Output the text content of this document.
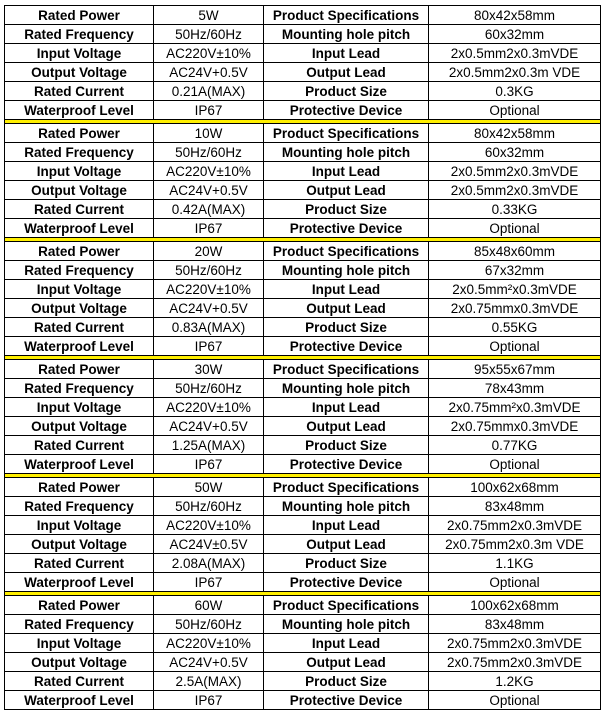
Rated Power	5W	Product Specifications	80x42x58mm
Rated Frequency	50Hz/60Hz	Mounting hole pitch	60x32mm
Input Voltage	AC220V±10%	Input Lead	2x0.5mm2x0.3mVDE
Output Voltage	AC24V+0.5V	Output Lead	2x0.5mm2x0.3m VDE
Rated Current	0.21A(MAX)	Product Size	0.3KG
Waterproof Level	IP67	Protective Device	Optional

Rated Power	10W	Product Specifications	80x42x58mm
Rated Frequency	50Hz/60Hz	Mounting hole pitch	60x32mm
Input Voltage	AC220V±10%	Input Lead	2x0.5mm2x0.3mVDE
Output Voltage	AC24V+0.5V	Output Lead	2x0.5mm2x0.3mVDE
Rated Current	0.42A(MAX)	Product Size	0.33KG
Waterproof Level	IP67	Protective Device	Optional

Rated Power	20W	Product Specifications	85x48x60mm
Rated Frequency	50Hz/60Hz	Mounting hole pitch	67x32mm
Input Voltage	AC220V±10%	Input Lead	2x0.5mm²x0.3mVDE
Output Voltage	AC24V+0.5V	Output Lead	2x0.75mmx0.3mVDE
Rated Current	0.83A(MAX)	Product Size	0.55KG
Waterproof Level	IP67	Protective Device	Optional

Rated Power	30W	Product Specifications	95x55x67mm
Rated Frequency	50Hz/60Hz	Mounting hole pitch	78x43mm
Input Voltage	AC220V±10%	Input Lead	2x0.75mm²x0.3mVDE
Output Voltage	AC24V+0.5V	Output Lead	2x0.75mmx0.3mVDE
Rated Current	1.25A(MAX)	Product Size	0.77KG
Waterproof Level	IP67	Protective Device	Optional

Rated Power	50W	Product Specifications	100x62x68mm
Rated Frequency	50Hz/60Hz	Mounting hole pitch	83x48mm
Input Voltage	AC220V±10%	Input Lead	2x0.75mm2x0.3mVDE
Output Voltage	AC24V±0.5V	Output Lead	2x0.75mm2x0.3m VDE
Rated Current	2.08A(MAX)	Product Size	1.1KG
Waterproof Level	IP67	Protective Device	Optional

Rated Power	60W	Product Specifications	100x62x68mm
Rated Frequency	50Hz/60Hz	Mounting hole pitch	83x48mm
Input Voltage	AC220V±10%	Input Lead	2x0.75mm2x0.3mVDE
Output Voltage	AC24V+0.5V	Output Lead	2x0.75mm2x0.3mVDE
Rated Current	2.5A(MAX)	Product Size	1.2KG
Waterproof Level	IP67	Protective Device	Optional
